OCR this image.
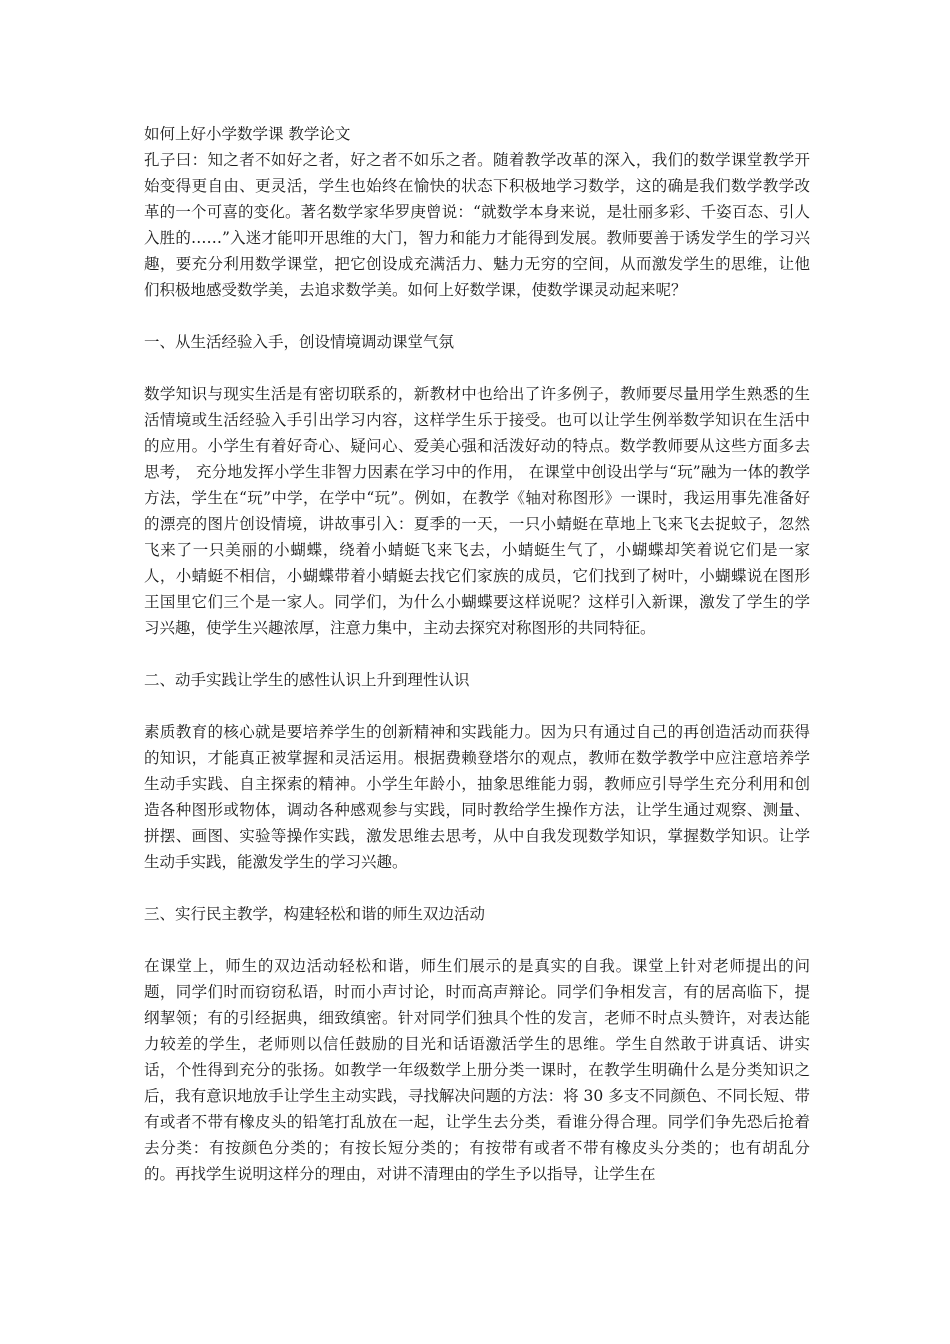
如何上好小学数学课 教学论文

孔子曰：知之者不如好之者，好之者不如乐之者。随着教学改革的深入，我们的数学课堂教学开始变得更自由、更灵活，学生也始终在愉快的状态下积极地学习数学，这的确是我们数学教学改革的一个可喜的变化。著名数学家华罗庚曾说：“就数学本身来说，是壮丽多彩、千姿百态、引人入胜的……”入迷才能叩开思维的大门，智力和能力才能得到发展。教师要善于诱发学生的学习兴趣，要充分利用数学课堂，把它创设成充满活力、魅力无穷的空间，从而激发学生的思维，让他们积极地感受数学美，去追求数学美。如何上好数学课，使数学课灵动起来呢？

一、从生活经验入手，创设情境调动课堂气氛

数学知识与现实生活是有密切联系的，新教材中也给出了许多例子，教师要尽量用学生熟悉的生活情境或生活经验入手引出学习内容，这样学生乐于接受。也可以让学生例举数学知识在生活中的应用。小学生有着好奇心、疑问心、爱美心强和活泼好动的特点。数学教师要从这些方面多去思考， 充分地发挥小学生非智力因素在学习中的作用， 在课堂中创设出学与“玩”融为一体的教学方法，学生在“玩”中学，在学中“玩”。例如，在教学《轴对称图形》一课时，我运用事先准备好的漂亮的图片创设情境，讲故事引入：夏季的一天，一只小蜻蜓在草地上飞来飞去捉蚊子，忽然飞来了一只美丽的小蝴蝶，绕着小蜻蜓飞来飞去，小蜻蜓生气了，小蝴蝶却笑着说它们是一家人，小蜻蜓不相信，小蝴蝶带着小蜻蜓去找它们家族的成员，它们找到了树叶，小蝴蝶说在图形王国里它们三个是一家人。同学们，为什么小蝴蝶要这样说呢？这样引入新课，激发了学生的学习兴趣，使学生兴趣浓厚，注意力集中，主动去探究对称图形的共同特征。

二、动手实践让学生的感性认识上升到理性认识

素质教育的核心就是要培养学生的创新精神和实践能力。因为只有通过自己的再创造活动而获得的知识，才能真正被掌握和灵活运用。根据费赖登塔尔的观点，教师在数学教学中应注意培养学生动手实践、自主探索的精神。小学生年龄小，抽象思维能力弱，教师应引导学生充分利用和创造各种图形或物体，调动各种感观参与实践，同时教给学生操作方法，让学生通过观察、测量、拼摆、画图、实验等操作实践，激发思维去思考，从中自我发现数学知识，掌握数学知识。让学生动手实践，能激发学生的学习兴趣。

三、实行民主教学，构建轻松和谐的师生双边活动

在课堂上，师生的双边活动轻松和谐，师生们展示的是真实的自我。课堂上针对老师提出的问题，同学们时而窃窃私语，时而小声讨论，时而高声辩论。同学们争相发言，有的居高临下，提纲挈领；有的引经据典，细致缜密。针对同学们独具个性的发言，老师不时点头赞许，对表达能力较差的学生，老师则以信任鼓励的目光和话语激活学生的思维。学生自然敢于讲真话、讲实话，个性得到充分的张扬。如教学一年级数学上册分类一课时，在教学生明确什么是分类知识之后，我有意识地放手让学生主动实践，寻找解决问题的方法：将 30 多支不同颜色、不同长短、带有或者不带有橡皮头的铅笔打乱放在一起，让学生去分类，看谁分得合理。同学们争先恐后抢着去分类：有按颜色分类的；有按长短分类的；有按带有或者不带有橡皮头分类的；也有胡乱分的。再找学生说明这样分的理由，对讲不清理由的学生予以指导，让学生在
